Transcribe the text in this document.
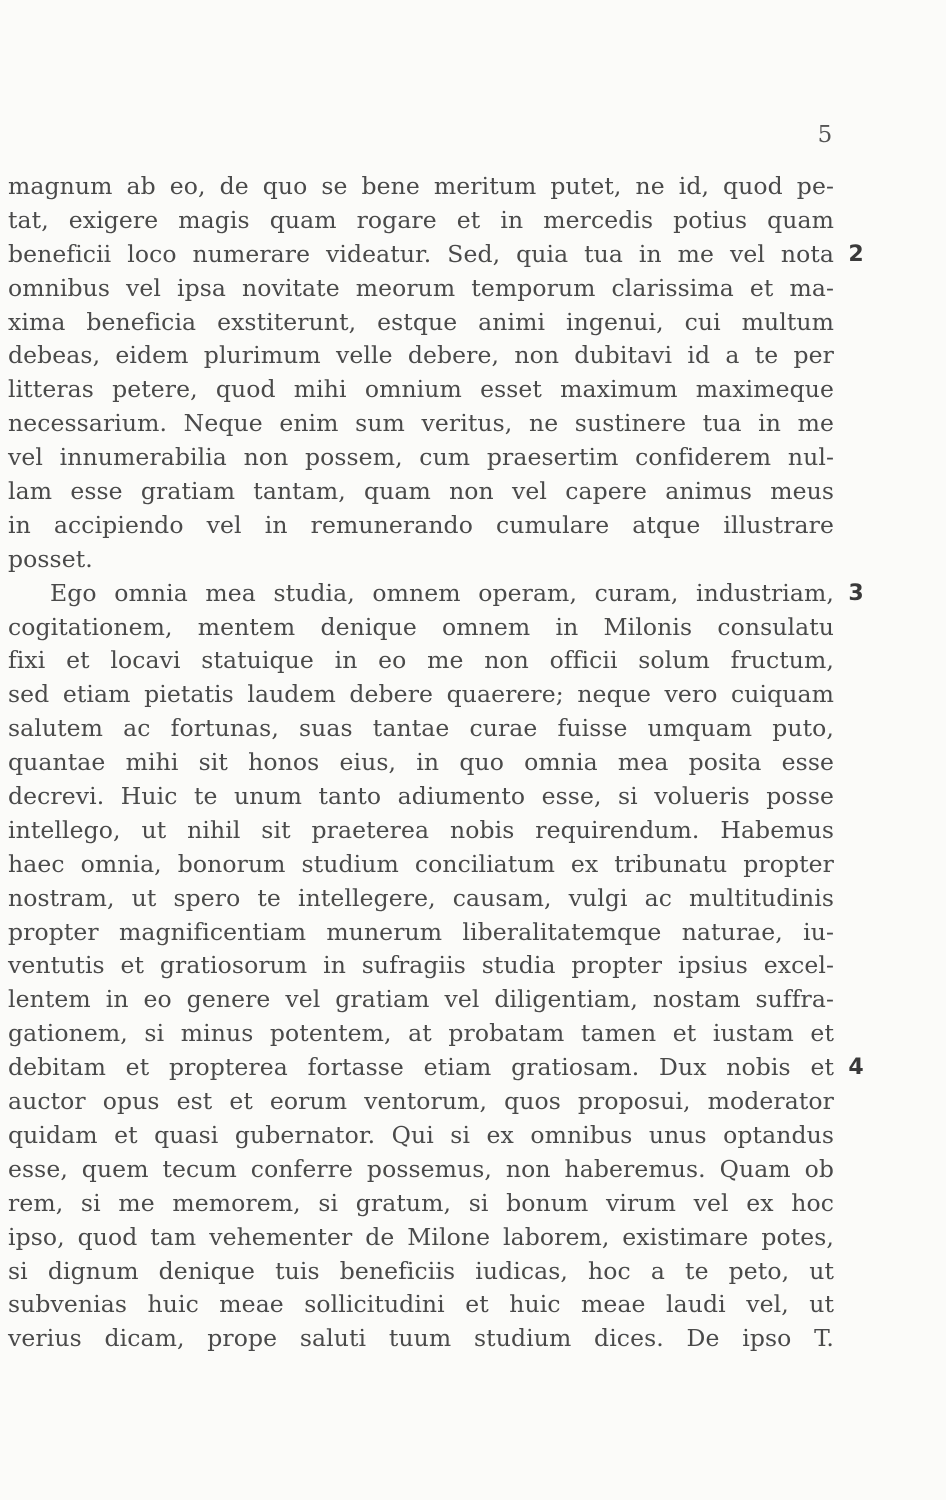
5
magnum ab eo, de quo se bene meritum putet, ne id, quod pe-
tat, exigere magis quam rogare et in mercedis potius quam
beneficii loco numerare videatur. Sed, quia tua in me vel nota 2
omnibus vel ipsa novitate meorum temporum clarissima et ma-
xima beneficia exstiterunt, estque animi ingenui, cui multum
debeas, eidem plurimum velle debere, non dubitavi id a te per
litteras petere, quod mihi omnium esset maximum maximeque
necessarium. Neque enim sum veritus, ne sustinere tua in me
vel innumerabilia non possem, cum praesertim confiderem nul-
lam esse gratiam tantam, quam non vel capere animus meus
in accipiendo vel in remunerando cumulare atque illustrare
posset.
Ego omnia mea studia, omnem operam, curam, industriam, 3
cogitationem, mentem denique omnem in Milonis consulatu
fixi et locavi statuique in eo me non officii solum fructum,
sed etiam pietatis laudem debere quaerere; neque vero cuiquam
salutem ac fortunas, suas tantae curae fuisse umquam puto,
quantae mihi sit honos eius, in quo omnia mea posita esse
decrevi. Huic te unum tanto adiumento esse, si volueris posse
intellego, ut nihil sit praeterea nobis requirendum. Habemus
haec omnia, bonorum studium conciliatum ex tribunatu propter
nostram, ut spero te intellegere, causam, vulgi ac multitudinis
propter magnificentiam munerum liberalitatemque naturae, iu-
ventutis et gratiosorum in sufragiis studia propter ipsius excel-
lentem in eo genere vel gratiam vel diligentiam, nostam suffra-
gationem, si minus potentem, at probatam tamen et iustam et
debitam et propterea fortasse etiam gratiosam. Dux nobis et 4
auctor opus est et eorum ventorum, quos proposui, moderator
quidam et quasi gubernator. Qui si ex omnibus unus optandus
esse, quem tecum conferre possemus, non haberemus. Quam ob
rem, si me memorem, si gratum, si bonum virum vel ex hoc
ipso, quod tam vehementer de Milone laborem, existimare potes,
si dignum denique tuis beneficiis iudicas, hoc a te peto, ut
subvenias huic meae sollicitudini et huic meae laudi vel, ut
verius dicam, prope saluti tuum studium dices. De ipso T.
